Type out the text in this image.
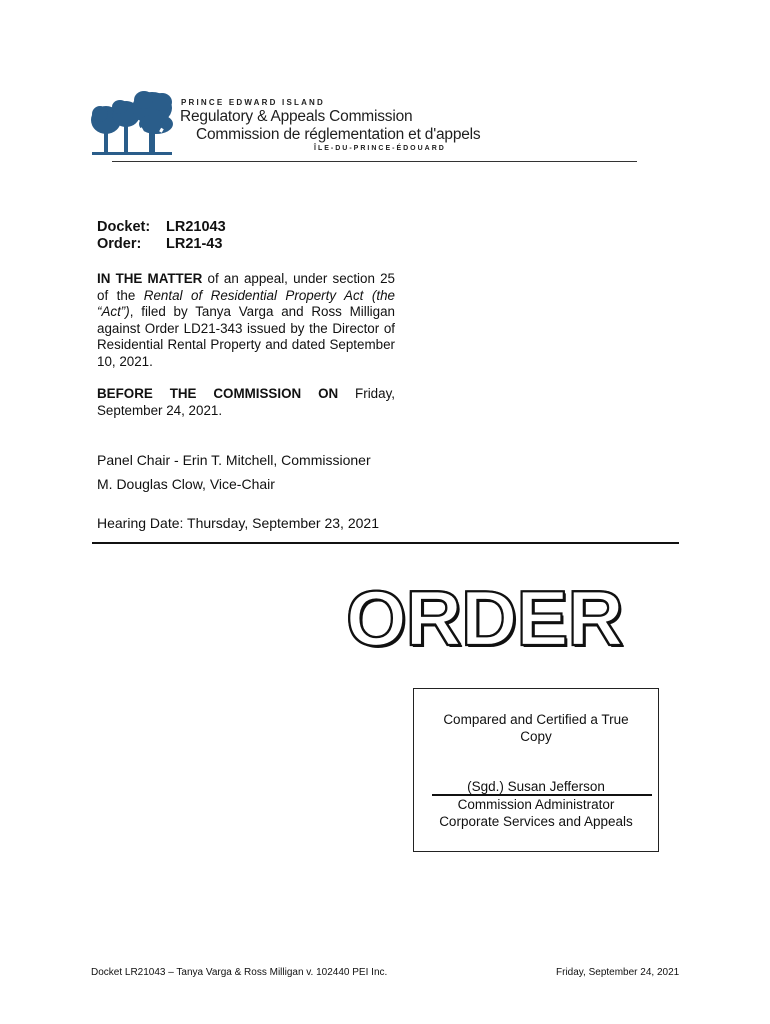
PRINCE EDWARD ISLAND
Regulatory & Appeals Commission
Commission de réglementation et d'appels
ÎLE-DU-PRINCE-ÉDOUARD
Docket: LR21043
Order: LR21-43
IN THE MATTER of an appeal, under section 25 of the Rental of Residential Property Act (the “Act”), filed by Tanya Varga and Ross Milligan against Order LD21-343 issued by the Director of Residential Rental Property and dated September 10, 2021.
BEFORE THE COMMISSION ON Friday, September 24, 2021.
Panel Chair - Erin T. Mitchell, Commissioner
M. Douglas Clow, Vice-Chair
Hearing Date: Thursday, September 23, 2021
ORDER
Compared and Certified a True
Copy
(Sgd.) Susan Jefferson
Commission Administrator
Corporate Services and Appeals
Docket LR21043 – Tanya Varga & Ross Milligan v. 102440 PEI Inc.	Friday, September 24, 2021
